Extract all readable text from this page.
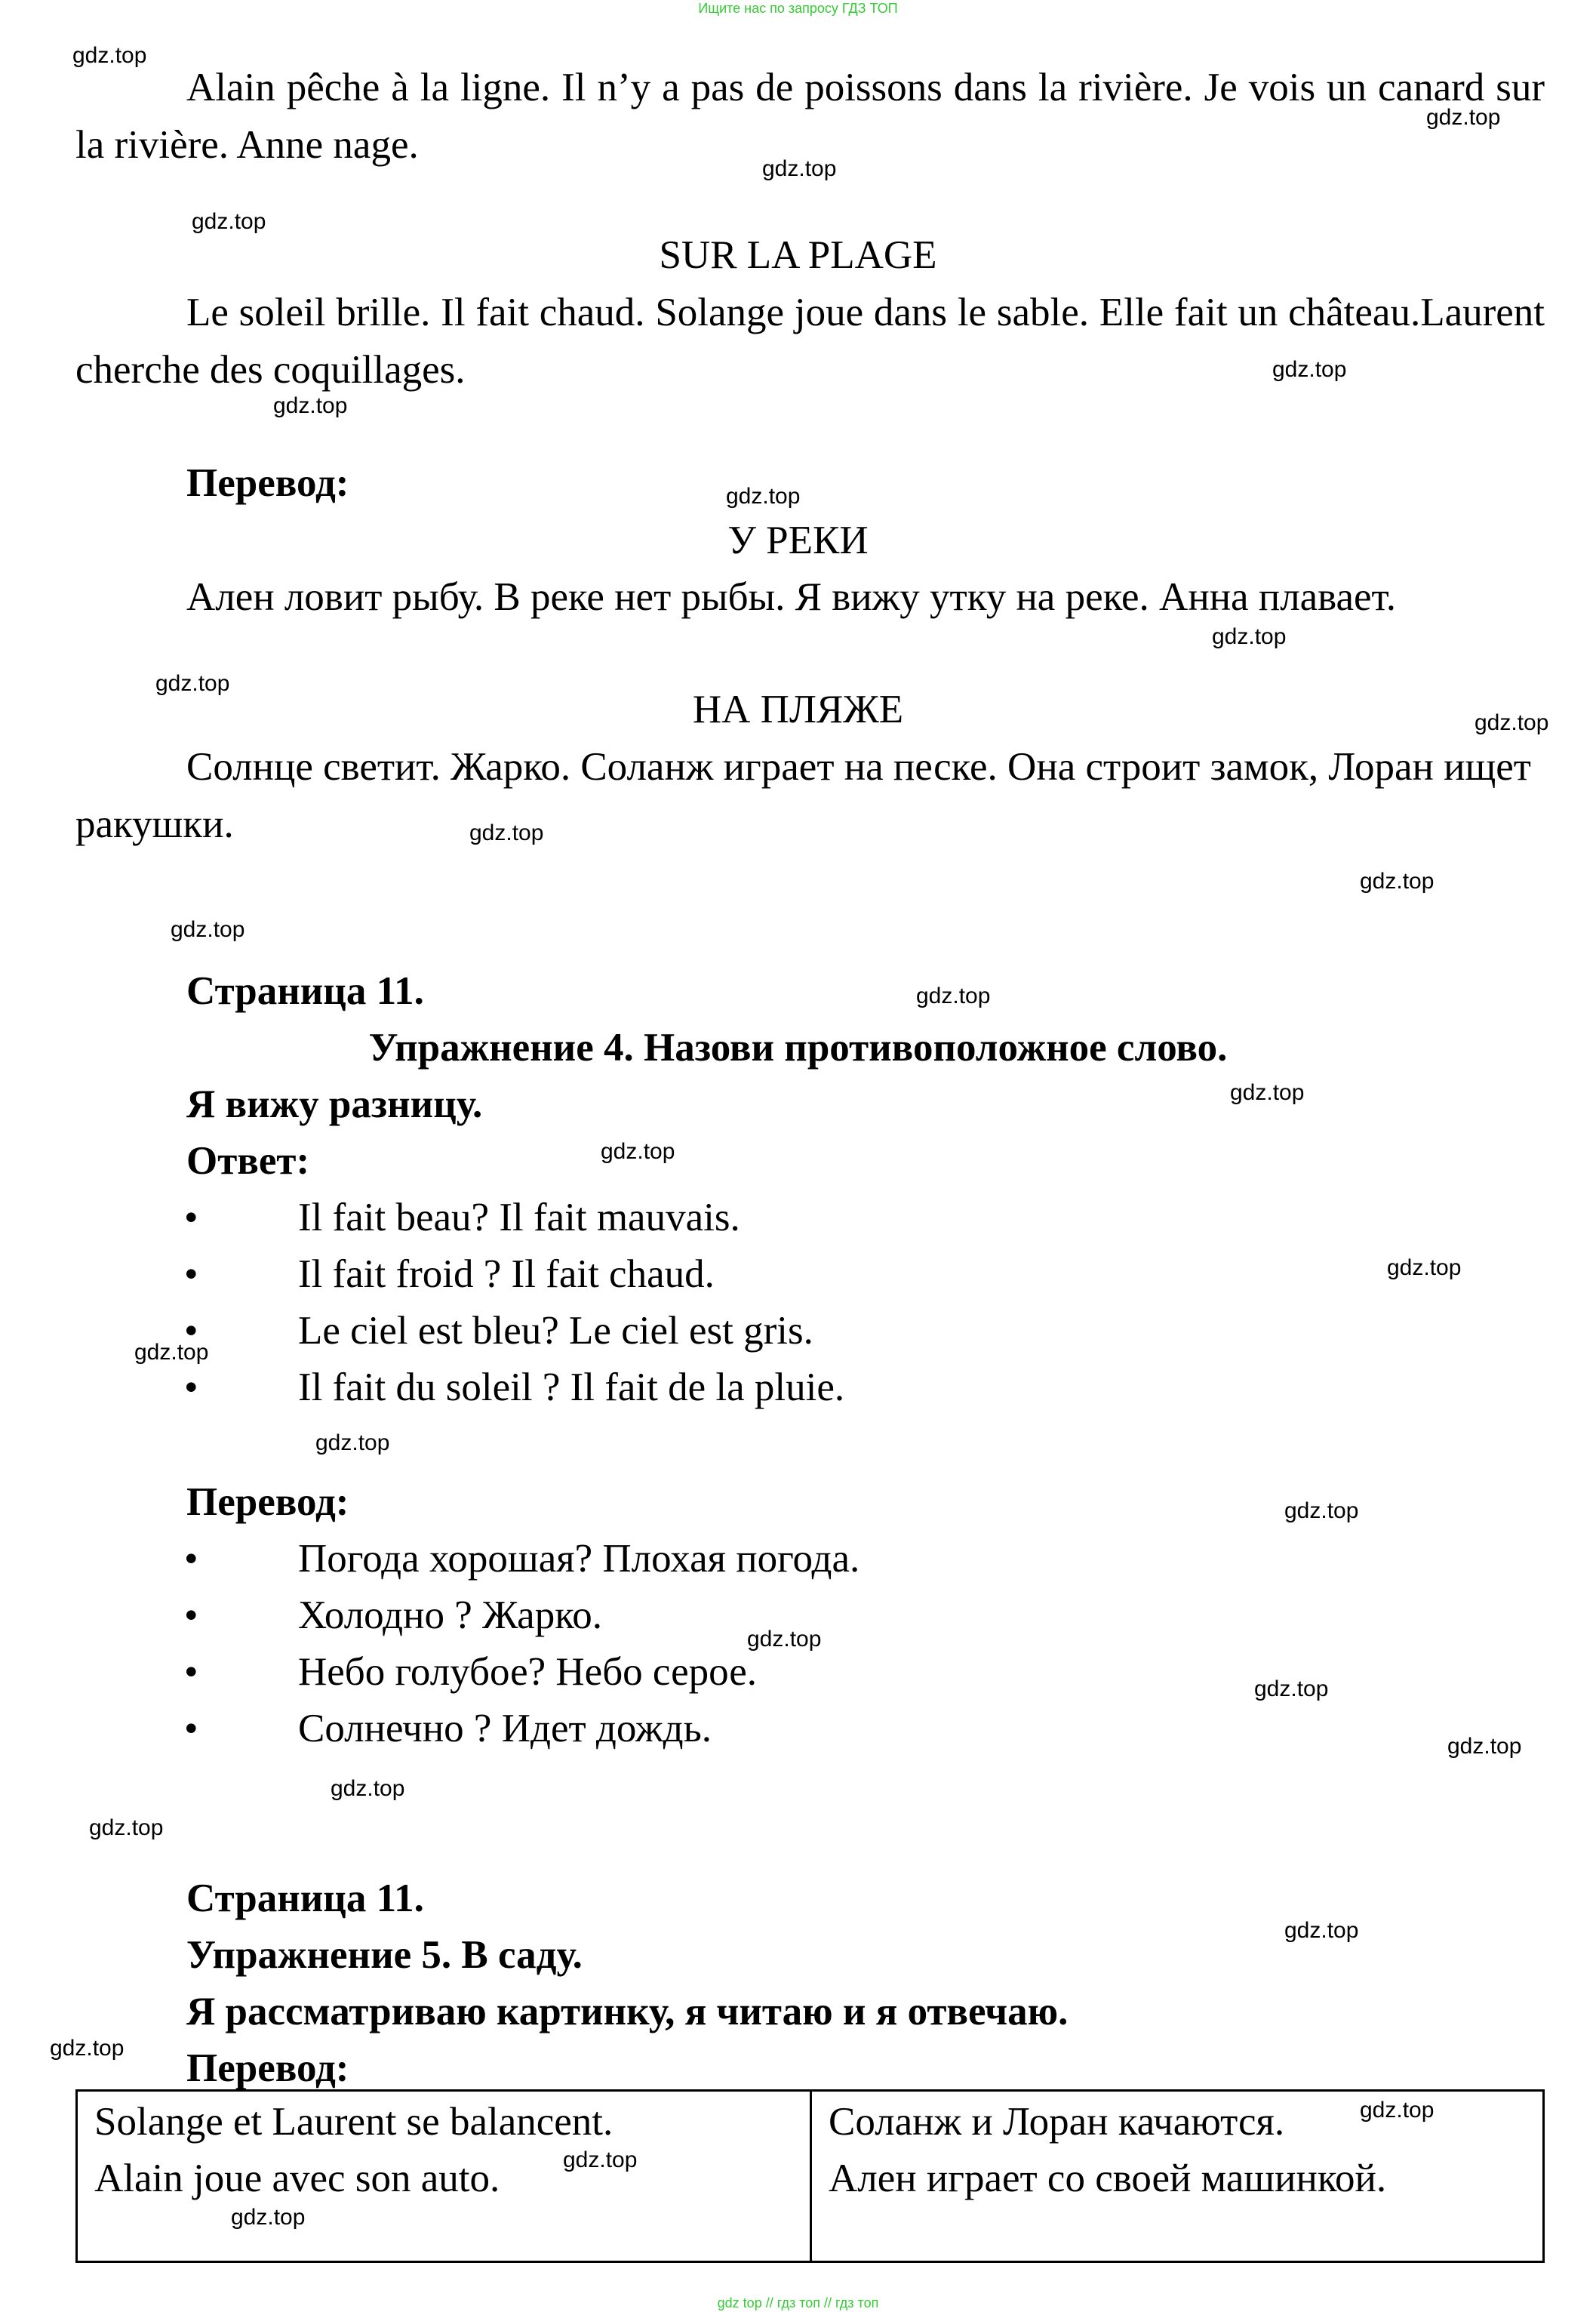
Ищите нас по запросу ГДЗ ТОП
Alain pêche à la ligne. Il n’y a pas de poissons dans la rivière. Je vois un canard sur la rivière. Anne nage.
SUR LA PLAGE
Le soleil brille. Il fait chaud. Solange joue dans le sable. Elle fait un château.Laurent cherche des coquillages.
Перевод:
У РЕКИ
Ален ловит рыбу. В реке нет рыбы. Я вижу утку на реке. Анна плавает.
НА ПЛЯЖЕ
Солнце светит. Жарко. Соланж играет на песке. Она строит замок, Лоран ищет ракушки.
Страница 11.
Упражнение 4. Назови противоположное слово.
Я вижу разницу.
Ответ:
• Il fait beau? Il fait mauvais.
• Il fait froid ? Il fait chaud.
• Le ciel est bleu? Le ciel est gris.
• Il fait du soleil ? Il fait de la pluie.
Перевод:
• Погода хорошая? Плохая погода.
• Холодно ? Жарко.
• Небо голубое? Небо серое.
• Солнечно ? Идет дождь.
Страница 11.
Упражнение 5. В саду.
Я рассматриваю картинку, я читаю и я отвечаю.
Перевод:
Solange et Laurent se balancent.
Alain joue avec son auto.
Соланж и Лоран качаются.
Ален играет со своей машинкой.
gdz.top
gdz.top
gdz.top
gdz.top
gdz.top
gdz.top
gdz.top
gdz.top
gdz.top
gdz.top
gdz.top
gdz.top
gdz.top
gdz.top
gdz.top
gdz.top
gdz.top
gdz.top
gdz.top
gdz.top
gdz.top
gdz.top
gdz.top
gdz.top
gdz.top
gdz.top
gdz.top
gdz.top
gdz.top
gdz.top
gdz top // гдз топ // гдз топ
